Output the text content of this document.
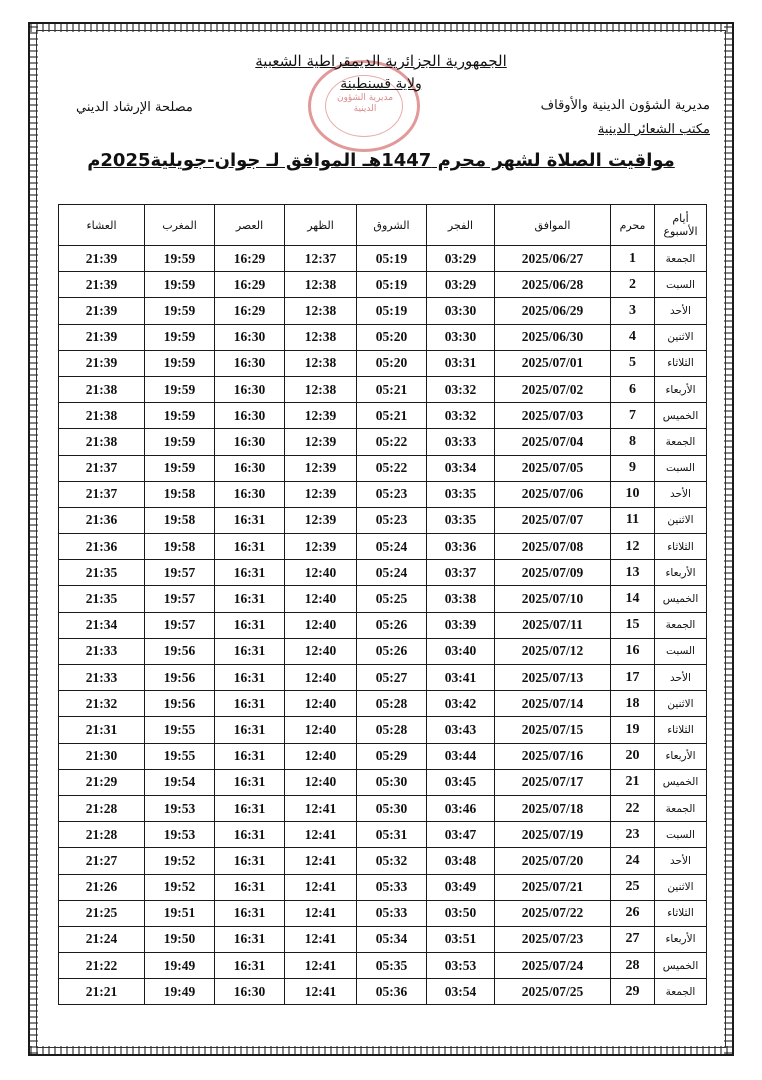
مديرية الشؤون الدينية
الجمهورية الجزائرية الديمقراطية الشعبية
ولاية قسنطينة
مديرية الشؤون الدينية والأوقاف
مكتب الشعائر الدينية
مصلحة الإرشاد الديني
مواقيت الصلاة لشهر محرم 1447هـ الموافق لـ جوان-جويلية2025م
أيام الأسبوع	محرم	الموافق	الفجر	الشروق	الظهر	العصر	المغرب	العشاء
الجمعة	1	2025/06/27	03:29	05:19	12:37	16:29	19:59	21:39
السبت	2	2025/06/28	03:29	05:19	12:38	16:29	19:59	21:39
الأحد	3	2025/06/29	03:30	05:19	12:38	16:29	19:59	21:39
الاثنين	4	2025/06/30	03:30	05:20	12:38	16:30	19:59	21:39
الثلاثاء	5	2025/07/01	03:31	05:20	12:38	16:30	19:59	21:39
الأربعاء	6	2025/07/02	03:32	05:21	12:38	16:30	19:59	21:38
الخميس	7	2025/07/03	03:32	05:21	12:39	16:30	19:59	21:38
الجمعة	8	2025/07/04	03:33	05:22	12:39	16:30	19:59	21:38
السبت	9	2025/07/05	03:34	05:22	12:39	16:30	19:59	21:37
الأحد	10	2025/07/06	03:35	05:23	12:39	16:30	19:58	21:37
الاثنين	11	2025/07/07	03:35	05:23	12:39	16:31	19:58	21:36
الثلاثاء	12	2025/07/08	03:36	05:24	12:39	16:31	19:58	21:36
الأربعاء	13	2025/07/09	03:37	05:24	12:40	16:31	19:57	21:35
الخميس	14	2025/07/10	03:38	05:25	12:40	16:31	19:57	21:35
الجمعة	15	2025/07/11	03:39	05:26	12:40	16:31	19:57	21:34
السبت	16	2025/07/12	03:40	05:26	12:40	16:31	19:56	21:33
الأحد	17	2025/07/13	03:41	05:27	12:40	16:31	19:56	21:33
الاثنين	18	2025/07/14	03:42	05:28	12:40	16:31	19:56	21:32
الثلاثاء	19	2025/07/15	03:43	05:28	12:40	16:31	19:55	21:31
الأربعاء	20	2025/07/16	03:44	05:29	12:40	16:31	19:55	21:30
الخميس	21	2025/07/17	03:45	05:30	12:40	16:31	19:54	21:29
الجمعة	22	2025/07/18	03:46	05:30	12:41	16:31	19:53	21:28
السبت	23	2025/07/19	03:47	05:31	12:41	16:31	19:53	21:28
الأحد	24	2025/07/20	03:48	05:32	12:41	16:31	19:52	21:27
الاثنين	25	2025/07/21	03:49	05:33	12:41	16:31	19:52	21:26
الثلاثاء	26	2025/07/22	03:50	05:33	12:41	16:31	19:51	21:25
الأربعاء	27	2025/07/23	03:51	05:34	12:41	16:31	19:50	21:24
الخميس	28	2025/07/24	03:53	05:35	12:41	16:31	19:49	21:22
الجمعة	29	2025/07/25	03:54	05:36	12:41	16:30	19:49	21:21
